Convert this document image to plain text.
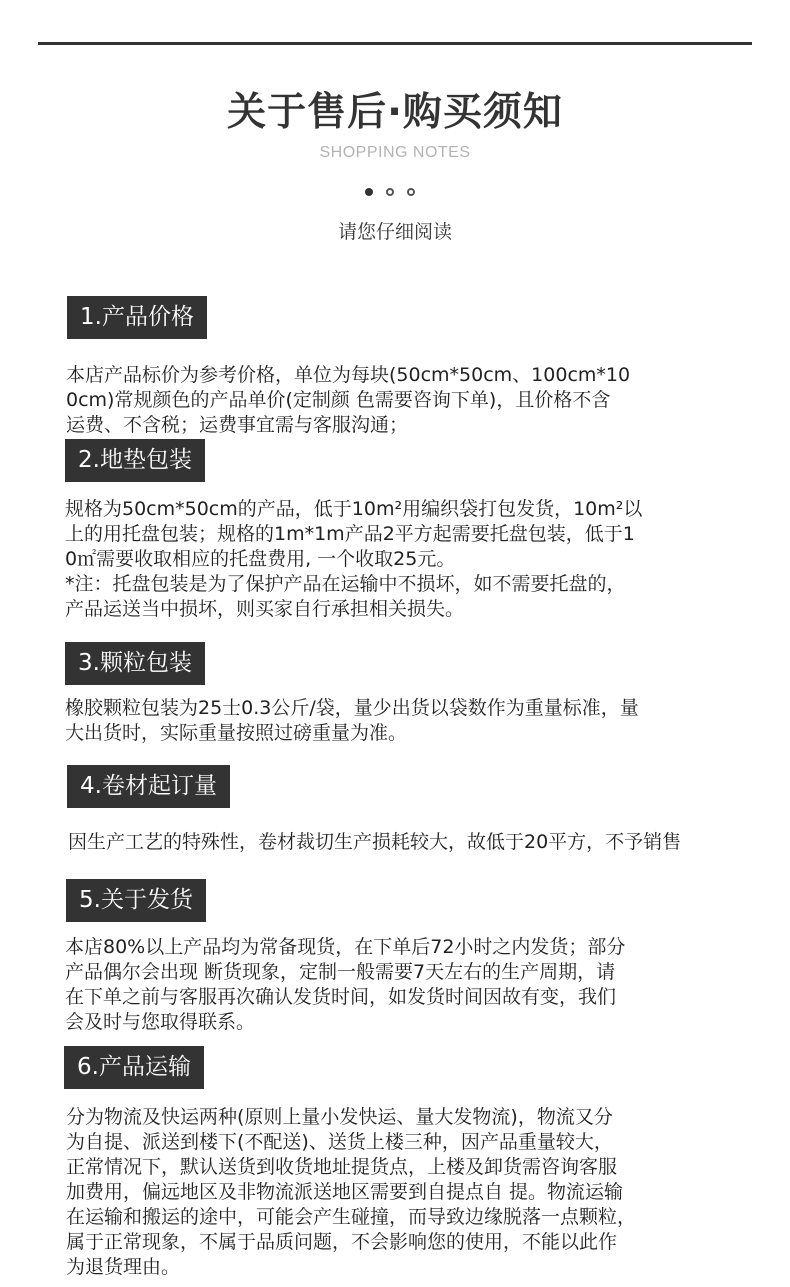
关于售后·购买须知
SHOPPING NOTES
请您仔细阅读
1.产品价格
本店产品标价为参考价格，单位为每块(50cm*50cm、100cm*10
0cm)常规颜色的产品单价(定制颜 色需要咨询下单)，且价格不含
运费、不含税；运费事宜需与客服沟通；
2.地垫包装
规格为50cm*50cm的产品，低于10m²用编织袋打包发货，10m²以
上的用托盘包装；规格的1m*1m产品2平方起需要托盘包装，低于1
0㎡需要收取相应的托盘费用, 一个收取25元。
*注：托盘包装是为了保护产品在运输中不损坏，如不需要托盘的，
产品运送当中损坏，则买家自行承担相关损失。
3.颗粒包装
橡胶颗粒包装为25士0.3公斤/袋，量少出货以袋数作为重量标准，量
大出货时，实际重量按照过磅重量为准。
4.卷材起订量
因生产工艺的特殊性，卷材裁切生产损耗较大，故低于20平方，不予销售
5.关于发货
本店80%以上产品均为常备现货，在下单后72小时之内发货；部分
产品偶尔会出现 断货现象，定制一般需要7天左右的生产周期，请
在下单之前与客服再次确认发货时间，如发货时间因故有变，我们
会及时与您取得联系。
6.产品运输
分为物流及快运两种(原则上量小发快运、量大发物流)，物流又分
为自提、派送到楼下(不配送)、送货上楼三种，因产品重量较大，
正常情况下，默认送货到收货地址提货点，上楼及卸货需咨询客服
加费用，偏远地区及非物流派送地区需要到自提点自 提。物流运输
在运输和搬运的途中，可能会产生碰撞，而导致边缘脱落一点颗粒，
属于正常现象，不属于品质问题，不会影响您的使用，不能以此作
为退货理由。
